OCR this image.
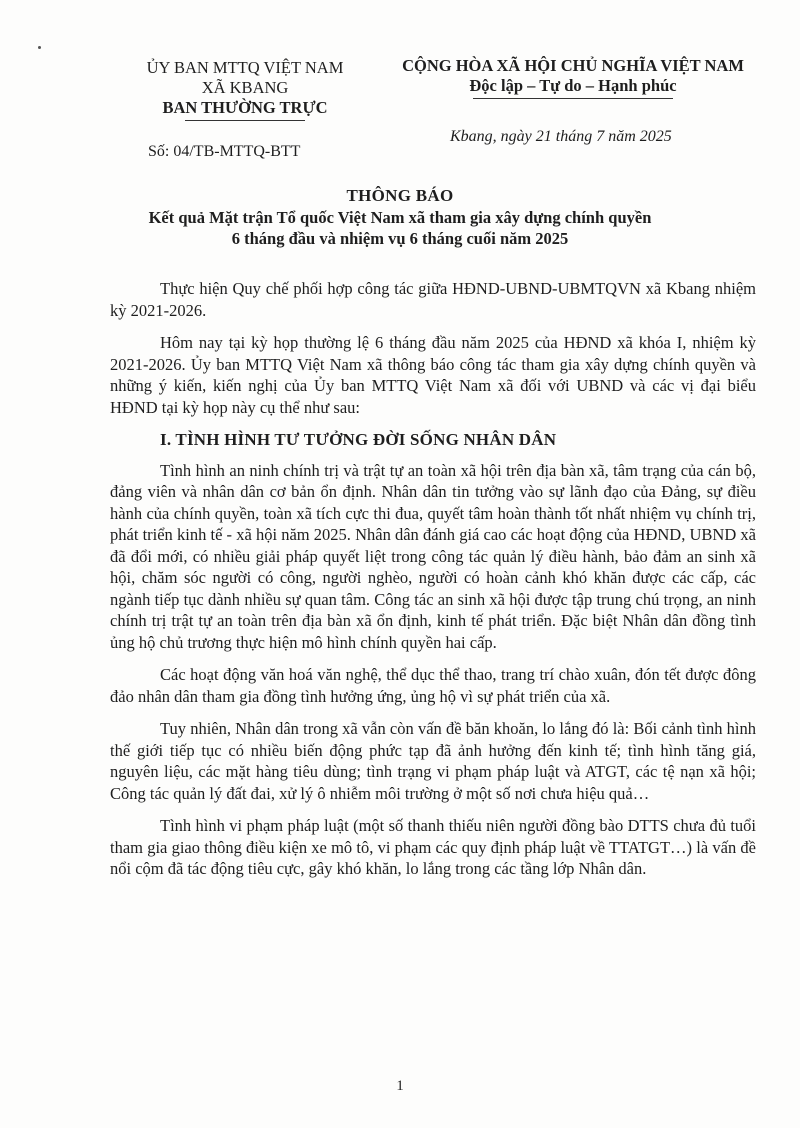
ỦY BAN MTTQ VIỆT NAM
XÃ KBANG
BAN THƯỜNG TRỰC
CỘNG HÒA XÃ HỘI CHỦ NGHĨA VIỆT NAM
Độc lập – Tự do – Hạnh phúc
Số: 04/TB-MTTQ-BTT
Kbang, ngày 21 tháng 7 năm 2025
THÔNG BÁO
Kết quả Mặt trận Tổ quốc Việt Nam xã tham gia xây dựng chính quyền
6 tháng đầu và nhiệm vụ 6 tháng cuối năm 2025

Thực hiện Quy chế phối hợp công tác giữa HĐND-UBND-UBMTQVN xã Kbang nhiệm kỳ 2021-2026.

Hôm nay tại kỳ họp thường lệ 6 tháng đầu năm 2025 của HĐND xã khóa I, nhiệm kỳ 2021-2026. Ủy ban MTTQ Việt Nam xã thông báo công tác tham gia xây dựng chính quyền và những ý kiến, kiến nghị của Ủy ban MTTQ Việt Nam xã đối với UBND và các vị đại biểu HĐND tại kỳ họp này cụ thể như sau:

I. TÌNH HÌNH TƯ TƯỞNG ĐỜI SỐNG NHÂN DÂN

Tình hình an ninh chính trị và trật tự an toàn xã hội trên địa bàn xã, tâm trạng của cán bộ, đảng viên và nhân dân cơ bản ổn định. Nhân dân tin tưởng vào sự lãnh đạo của Đảng, sự điều hành của chính quyền, toàn xã tích cực thi đua, quyết tâm hoàn thành tốt nhất nhiệm vụ chính trị, phát triển kinh tế - xã hội năm 2025. Nhân dân đánh giá cao các hoạt động của HĐND, UBND xã đã đổi mới, có nhiều giải pháp quyết liệt trong công tác quản lý điều hành, bảo đảm an sinh xã hội, chăm sóc người có công, người nghèo, người có hoàn cảnh khó khăn được các cấp, các ngành tiếp tục dành nhiều sự quan tâm. Công tác an sinh xã hội được tập trung chú trọng, an ninh chính trị trật tự an toàn trên địa bàn xã ổn định, kinh tế phát triển. Đặc biệt Nhân dân đồng tình ủng hộ chủ trương thực hiện mô hình chính quyền hai cấp.

Các hoạt động văn hoá văn nghệ, thể dục thể thao, trang trí chào xuân, đón tết được đông đảo nhân dân tham gia đồng tình hưởng ứng, ủng hộ vì sự phát triển của xã.

Tuy nhiên, Nhân dân trong xã vẫn còn vấn đề băn khoăn, lo lắng đó là: Bối cảnh tình hình thế giới tiếp tục có nhiều biến động phức tạp đã ảnh hưởng đến kinh tế; tình hình tăng giá, nguyên liệu, các mặt hàng tiêu dùng; tình trạng vi phạm pháp luật và ATGT, các tệ nạn xã hội; Công tác quản lý đất đai, xử lý ô nhiễm môi trường ở một số nơi chưa hiệu quả…

Tình hình vi phạm pháp luật (một số thanh thiếu niên người đồng bào DTTS chưa đủ tuổi tham gia giao thông điều kiện xe mô tô, vi phạm các quy định pháp luật về TTATGT…) là vấn đề nổi cộm đã tác động tiêu cực, gây khó khăn, lo lắng trong các tầng lớp Nhân dân.

1
